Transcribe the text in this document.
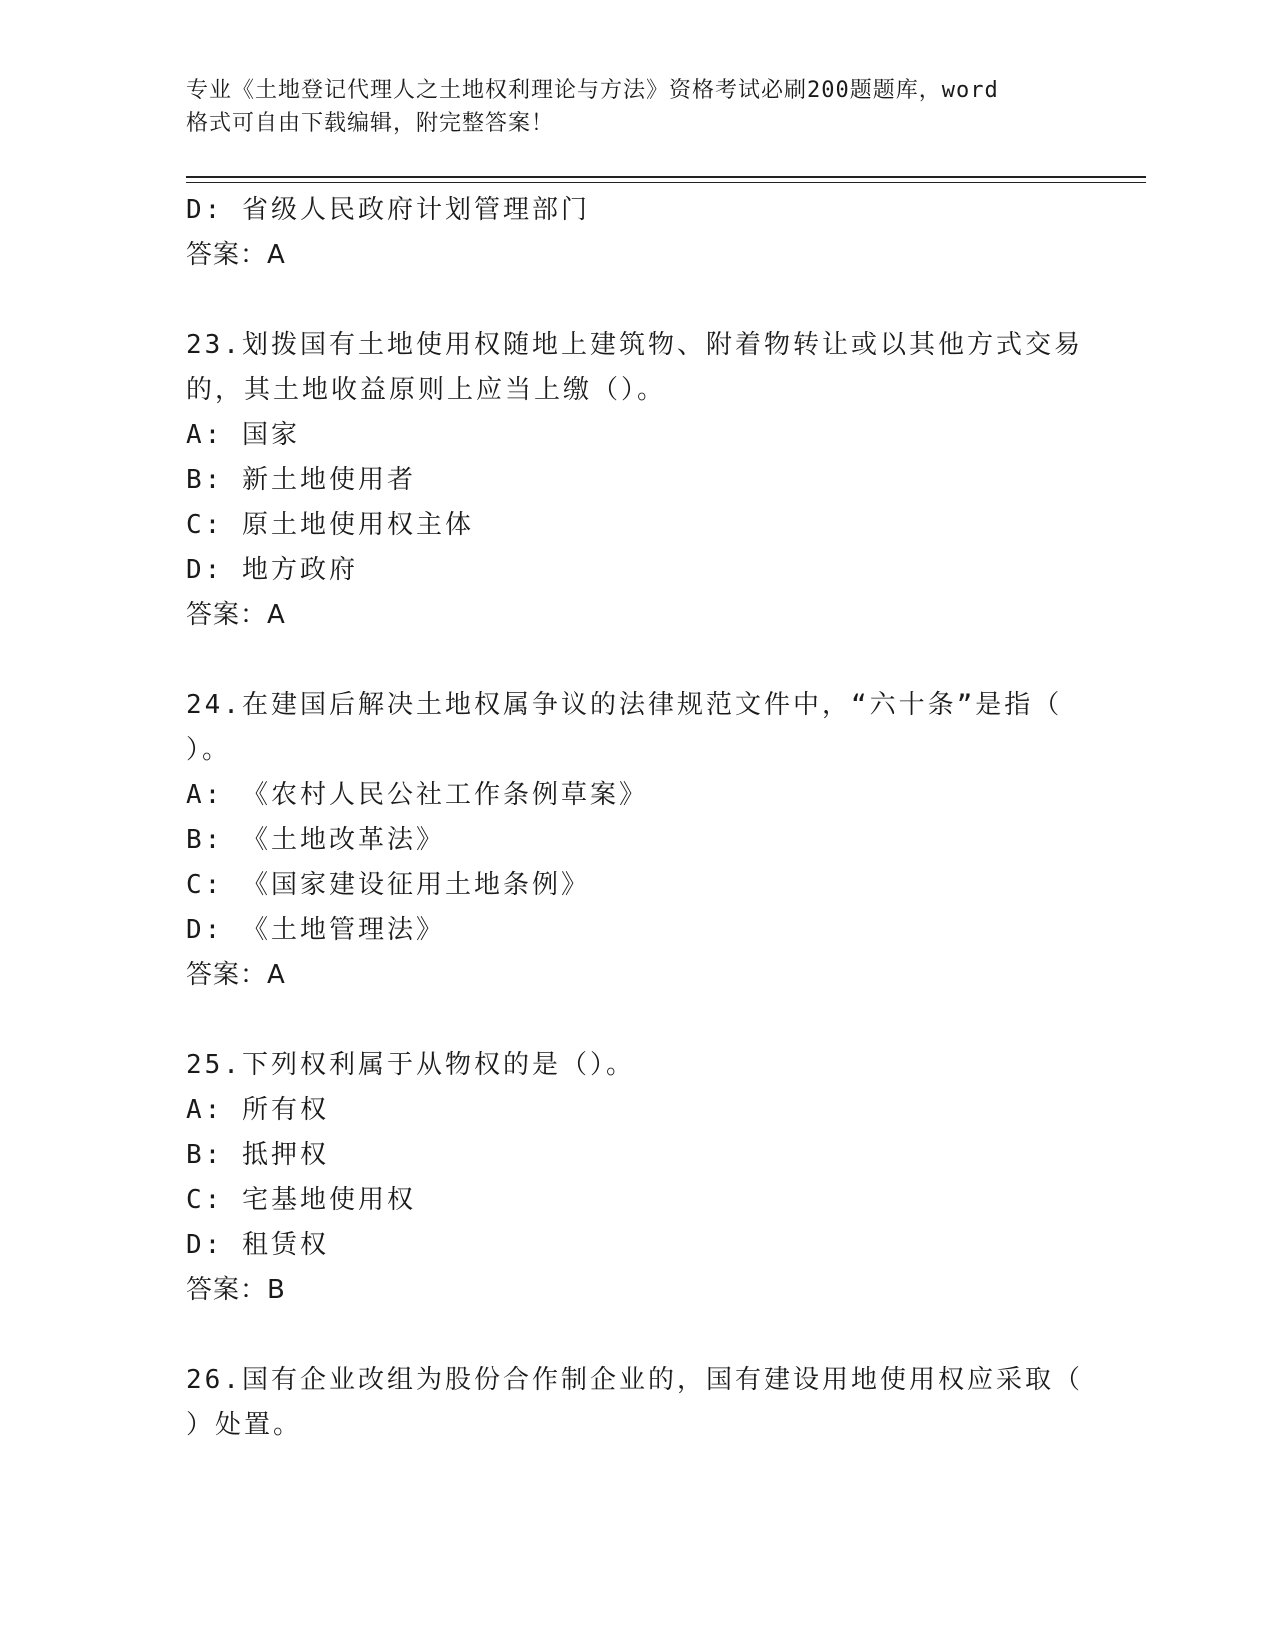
专业《土地登记代理人之土地权利理论与方法》资格考试必刷200题题库，word
格式可自由下载编辑，附完整答案！
D: 省级人民政府计划管理部门
答案：A
23.划拨国有土地使用权随地上建筑物、附着物转让或以其他方式交易
的，其土地收益原则上应当上缴（）。
A: 国家
B: 新土地使用者
C: 原土地使用权主体
D: 地方政府
答案：A
24.在建国后解决土地权属争议的法律规范文件中，“六十条”是指（
）。
A: 《农村人民公社工作条例草案》
B: 《土地改革法》
C: 《国家建设征用土地条例》
D: 《土地管理法》
答案：A
25.下列权利属于从物权的是（）。
A: 所有权
B: 抵押权
C: 宅基地使用权
D: 租赁权
答案：B
26.国有企业改组为股份合作制企业的，国有建设用地使用权应采取（
）处置。
